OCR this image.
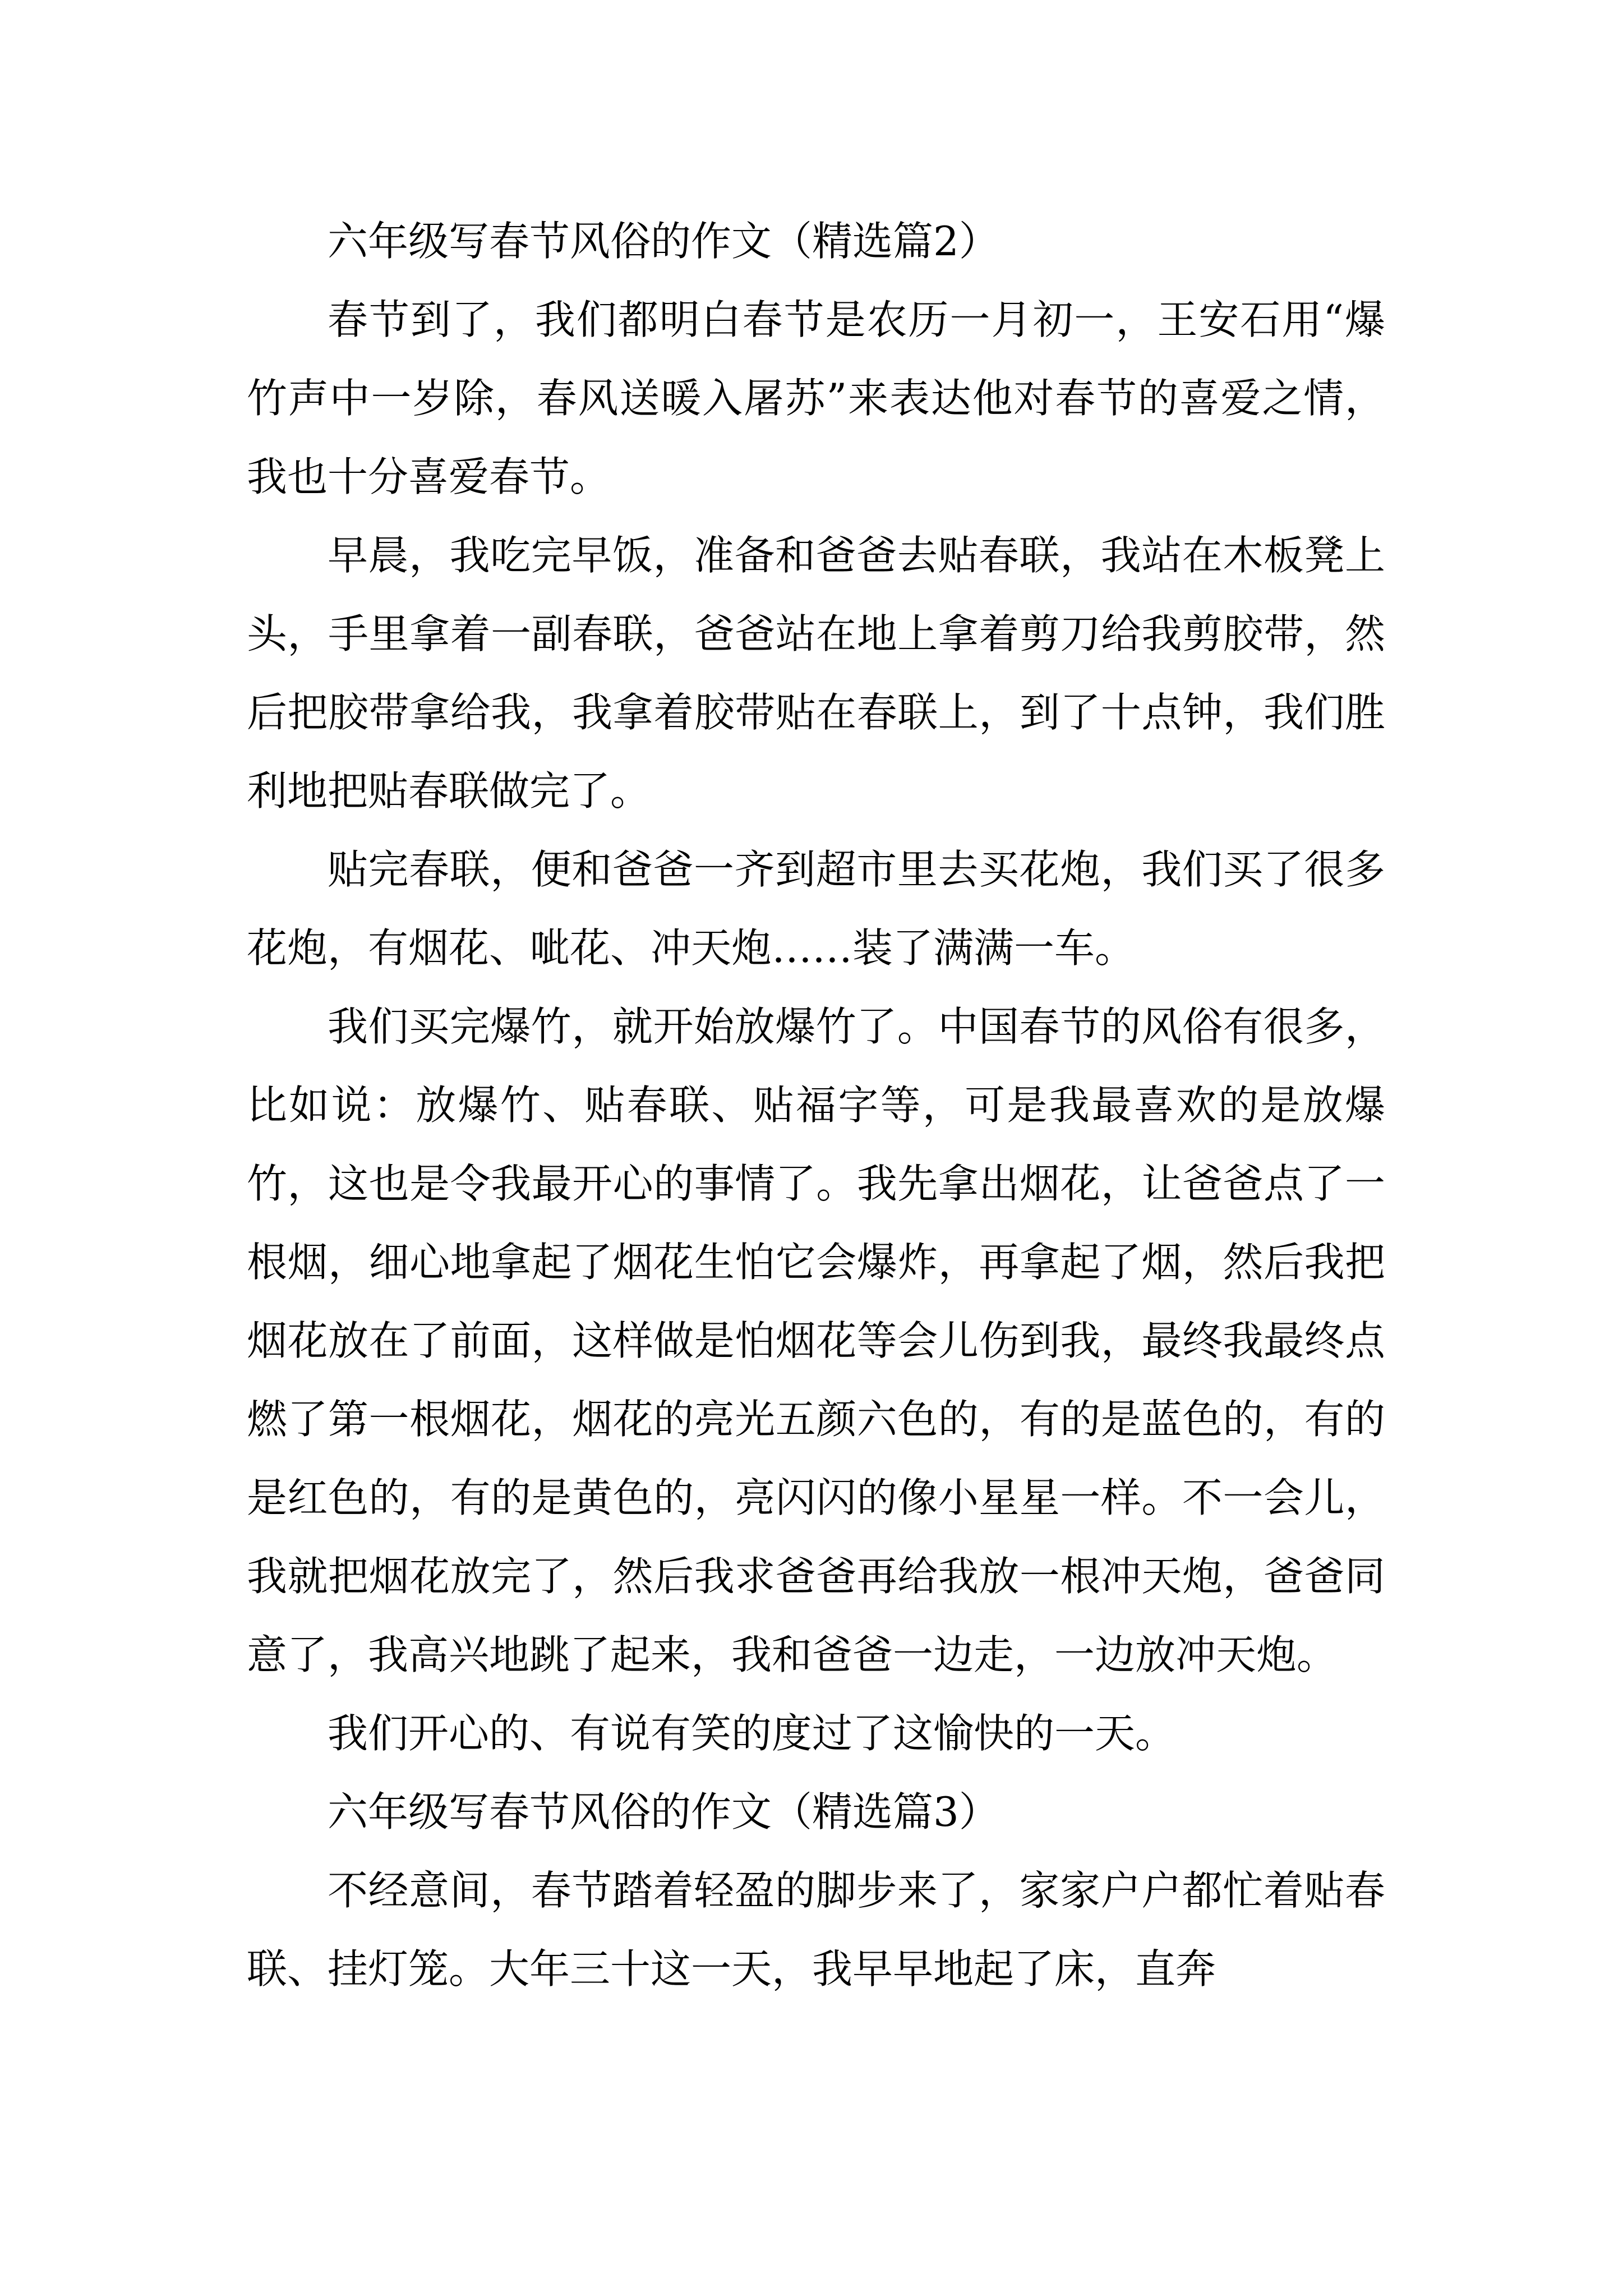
六年级写春节风俗的作文（精选篇2）

春节到了，我们都明白春节是农历一月初一，王安石用“爆竹声中一岁除，春风送暖入屠苏”来表达他对春节的喜爱之情，我也十分喜爱春节。

早晨，我吃完早饭，准备和爸爸去贴春联，我站在木板凳上头，手里拿着一副春联，爸爸站在地上拿着剪刀给我剪胶带，然后把胶带拿给我，我拿着胶带贴在春联上，到了十点钟，我们胜利地把贴春联做完了。

贴完春联，便和爸爸一齐到超市里去买花炮，我们买了很多花炮，有烟花、呲花、冲天炮……装了满满一车。

我们买完爆竹，就开始放爆竹了。中国春节的风俗有很多，比如说：放爆竹、贴春联、贴福字等，可是我最喜欢的是放爆竹，这也是令我最开心的事情了。我先拿出烟花，让爸爸点了一根烟，细心地拿起了烟花生怕它会爆炸，再拿起了烟，然后我把烟花放在了前面，这样做是怕烟花等会儿伤到我，最终我最终点燃了第一根烟花，烟花的亮光五颜六色的，有的是蓝色的，有的是红色的，有的是黄色的，亮闪闪的像小星星一样。不一会儿，我就把烟花放完了，然后我求爸爸再给我放一根冲天炮，爸爸同意了，我高兴地跳了起来，我和爸爸一边走，一边放冲天炮。

我们开心的、有说有笑的度过了这愉快的一天。

六年级写春节风俗的作文（精选篇3）

不经意间，春节踏着轻盈的脚步来了，家家户户都忙着贴春联、挂灯笼。大年三十这一天，我早早地起了床，直奔
